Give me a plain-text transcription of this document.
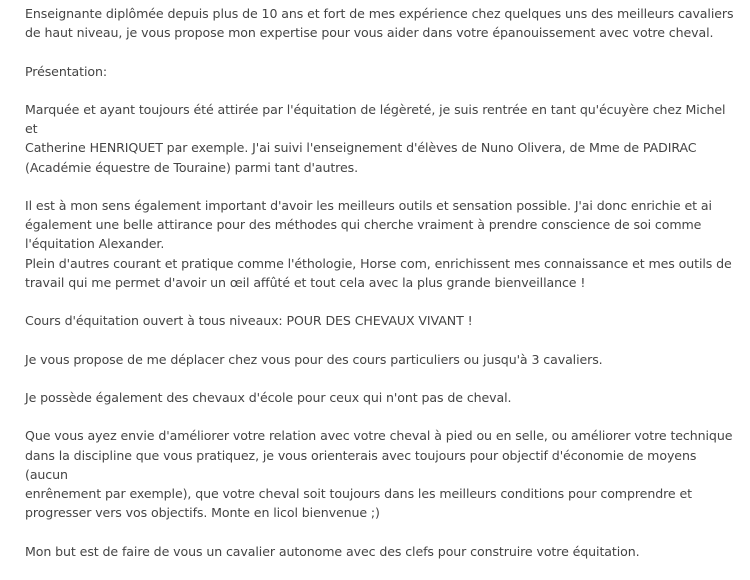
Enseignante diplômée depuis plus de 10 ans et fort de mes expérience chez quelques uns des meilleurs cavaliers
de haut niveau, je vous propose mon expertise pour vous aider dans votre épanouissement avec votre cheval.

Présentation:

Marquée et ayant toujours été attirée par l'équitation de légèreté, je suis rentrée en tant qu'écuyère chez Michel et
Catherine HENRIQUET par exemple. J'ai suivi l'enseignement d'élèves de Nuno Olivera, de Mme de PADIRAC
(Académie équestre de Touraine) parmi tant d'autres.

Il est à mon sens également important d'avoir les meilleurs outils et sensation possible. J'ai donc enrichie et ai
également une belle attirance pour des méthodes qui cherche vraiment à prendre conscience de soi comme
l'équitation Alexander.
Plein d'autres courant et pratique comme l'éthologie, Horse com, enrichissent mes connaissance et mes outils de
travail qui me permet d'avoir un œil affûté et tout cela avec la plus grande bienveillance !

Cours d'équitation ouvert à tous niveaux: POUR DES CHEVAUX VIVANT !

Je vous propose de me déplacer chez vous pour des cours particuliers ou jusqu'à 3 cavaliers.

Je possède également des chevaux d'école pour ceux qui n'ont pas de cheval.

Que vous ayez envie d'améliorer votre relation avec votre cheval à pied ou en selle, ou améliorer votre technique
dans la discipline que vous pratiquez, je vous orienterais avec toujours pour objectif d'économie de moyens (aucun
enrênement par exemple), que votre cheval soit toujours dans les meilleurs conditions pour comprendre et
progresser vers vos objectifs. Monte en licol bienvenue ;)

Mon but est de faire de vous un cavalier autonome avec des clefs pour construire votre équitation.
